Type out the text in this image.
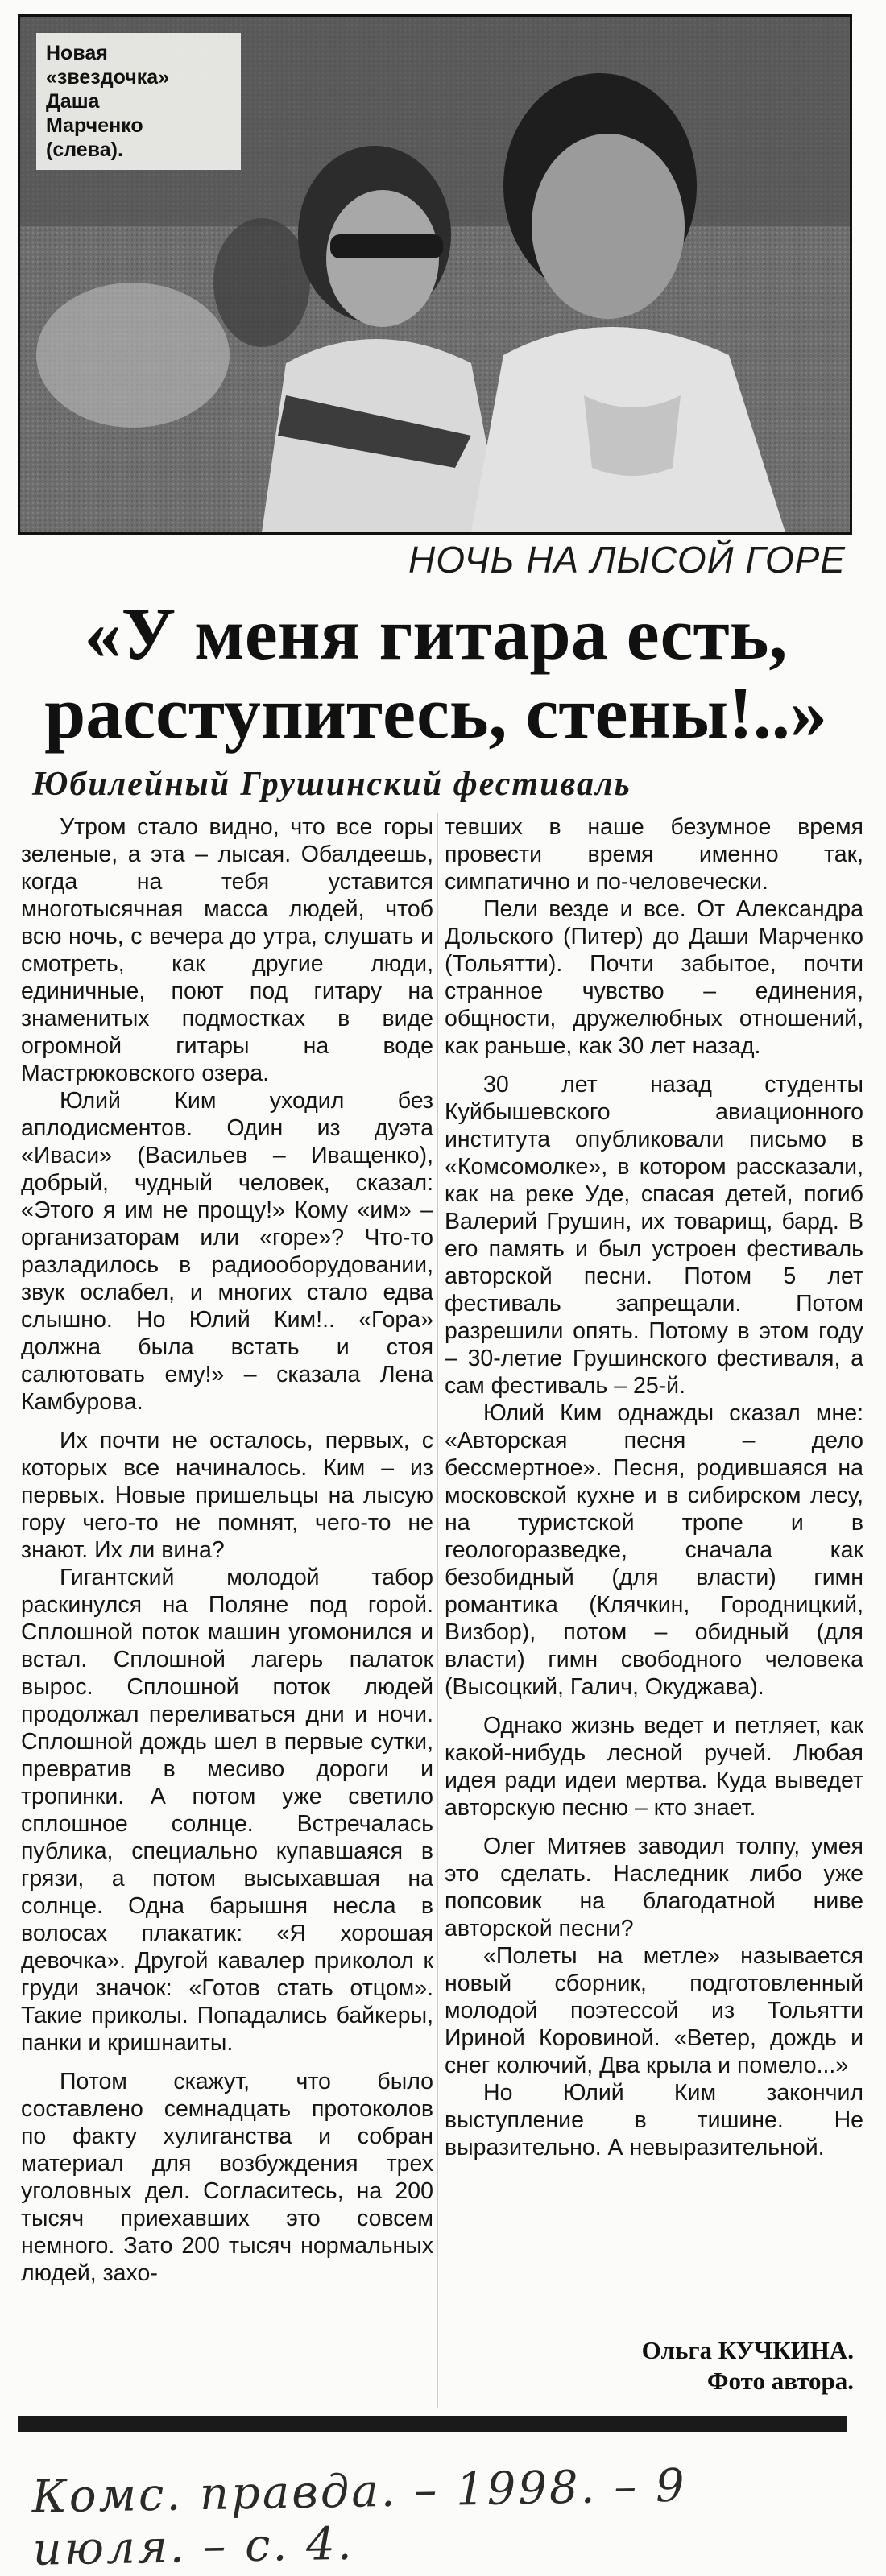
Новая
«звездочка»
Даша
Марченко
(слева).
НОЧЬ НА ЛЫСОЙ ГОРЕ
«У меня гитара есть,
расступитесь, стены!..»
Юбилейный Грушинский фестиваль

Утром стало видно, что все горы зеленые, а эта – лысая. Обалдеешь, когда на тебя уставится многотысячная масса людей, чтоб всю ночь, с вечера до утра, слушать и смотреть, как другие люди, единичные, поют под гитару на знаменитых подмостках в виде огромной гитары на воде Мастрюковского озера.

Юлий Ким уходил без аплодисментов. Один из дуэта «Иваси» (Васильев – Иващенко), добрый, чудный человек, сказал: «Этого я им не прощу!» Кому «им» – организаторам или «горе»? Что-то разладилось в радиооборудовании, звук ослабел, и многих стало едва слышно. Но Юлий Ким!.. «Гора» должна была встать и стоя салютовать ему!» – сказала Лена Камбурова.

Их почти не осталось, первых, с которых все начиналось. Ким – из первых. Новые пришельцы на лысую гору чего-то не помнят, чего-то не знают. Их ли вина?

Гигантский молодой табор раскинулся на Поляне под горой. Сплошной поток машин угомонился и встал. Сплошной лагерь палаток вырос. Сплошной поток людей продолжал переливаться дни и ночи. Сплошной дождь шел в первые сутки, превратив в месиво дороги и тропинки. А потом уже светило сплошное солнце. Встречалась публика, специально купавшаяся в грязи, а потом высыхавшая на солнце. Одна барышня несла в волосах плакатик: «Я хорошая девочка». Другой кавалер приколол к груди значок: «Готов стать отцом». Такие приколы. Попадались байкеры, панки и кришнаиты.

Потом скажут, что было составлено семнадцать протоколов по факту хулиганства и собран материал для возбуждения трех уголовных дел. Согласитесь, на 200 тысяч приехавших это совсем немного. Зато 200 тысяч нормальных людей, захо-

тевших в наше безумное время провести время именно так, симпатично и по-человечески.

Пели везде и все. От Александра Дольского (Питер) до Даши Марченко (Тольятти). Почти забытое, почти странное чувство – единения, общности, дружелюбных отношений, как раньше, как 30 лет назад.

30 лет назад студенты Куйбышевского авиационного института опубликовали письмо в «Комсомолке», в котором рассказали, как на реке Уде, спасая детей, погиб Валерий Грушин, их товарищ, бард. В его память и был устроен фестиваль авторской песни. Потом 5 лет фестиваль запрещали. Потом разрешили опять. Потому в этом году – 30-летие Грушинского фестиваля, а сам фестиваль – 25-й.

Юлий Ким однажды сказал мне: «Авторская песня – дело бессмертное». Песня, родившаяся на московской кухне и в сибирском лесу, на туристской тропе и в геологоразведке, сначала как безобидный (для власти) гимн романтика (Клячкин, Городницкий, Визбор), потом – обидный (для власти) гимн свободного человека (Высоцкий, Галич, Окуджава).

Однако жизнь ведет и петляет, как какой-нибудь лесной ручей. Любая идея ради идеи мертва. Куда выведет авторскую песню – кто знает.

Олег Митяев заводил толпу, умея это сделать. Наследник либо уже попсовик на благодатной ниве авторской песни?

«Полеты на метле» называется новый сборник, подготовленный молодой поэтессой из Тольятти Ириной Коровиной. «Ветер, дождь и снег колючий, Два крыла и помело...»

Но Юлий Ким закончил выступление в тишине. Не выразительно. А невыразительной.

Ольга КУЧКИНА.
Фото автора.
Комс. правда. – 1998. – 9 июля. – с. 4.
